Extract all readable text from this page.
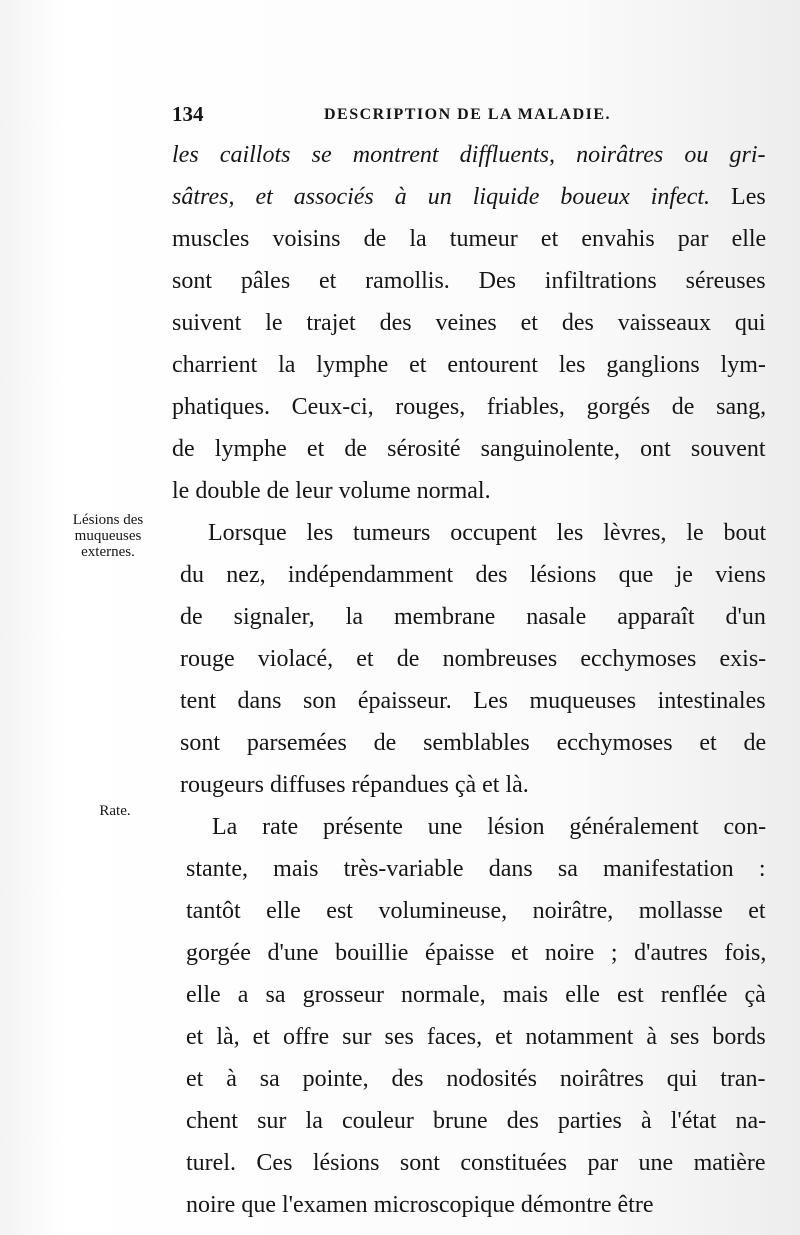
134	DESCRIPTION DE LA MALADIE.
Lésions des muqueuses externes.
Rate.
les caillots se montrent diffluents, noirâtres ou gri-
sâtres, et associés à un liquide boueux infect. Les
muscles voisins de la tumeur et envahis par elle
sont pâles et ramollis. Des infiltrations séreuses
suivent le trajet des veines et des vaisseaux qui
charrient la lymphe et entourent les ganglions lym-
phatiques. Ceux-ci, rouges, friables, gorgés de sang,
de lymphe et de sérosité sanguinolente, ont souvent
le double de leur volume normal.
Lorsque les tumeurs occupent les lèvres, le bout
du nez, indépendamment des lésions que je viens
de signaler, la membrane nasale apparaît d'un
rouge violacé, et de nombreuses ecchymoses exis-
tent dans son épaisseur. Les muqueuses intestinales
sont parsemées de semblables ecchymoses et de
rougeurs diffuses répandues çà et là.
La rate présente une lésion généralement con-
stante, mais très-variable dans sa manifestation :
tantôt elle est volumineuse, noirâtre, mollasse et
gorgée d'une bouillie épaisse et noire ; d'autres fois,
elle a sa grosseur normale, mais elle est renflée çà
et là, et offre sur ses faces, et notamment à ses bords
et à sa pointe, des nodosités noirâtres qui tran-
chent sur la couleur brune des parties à l'état na-
turel. Ces lésions sont constituées par une matière
noire que l'examen microscopique démontre être
